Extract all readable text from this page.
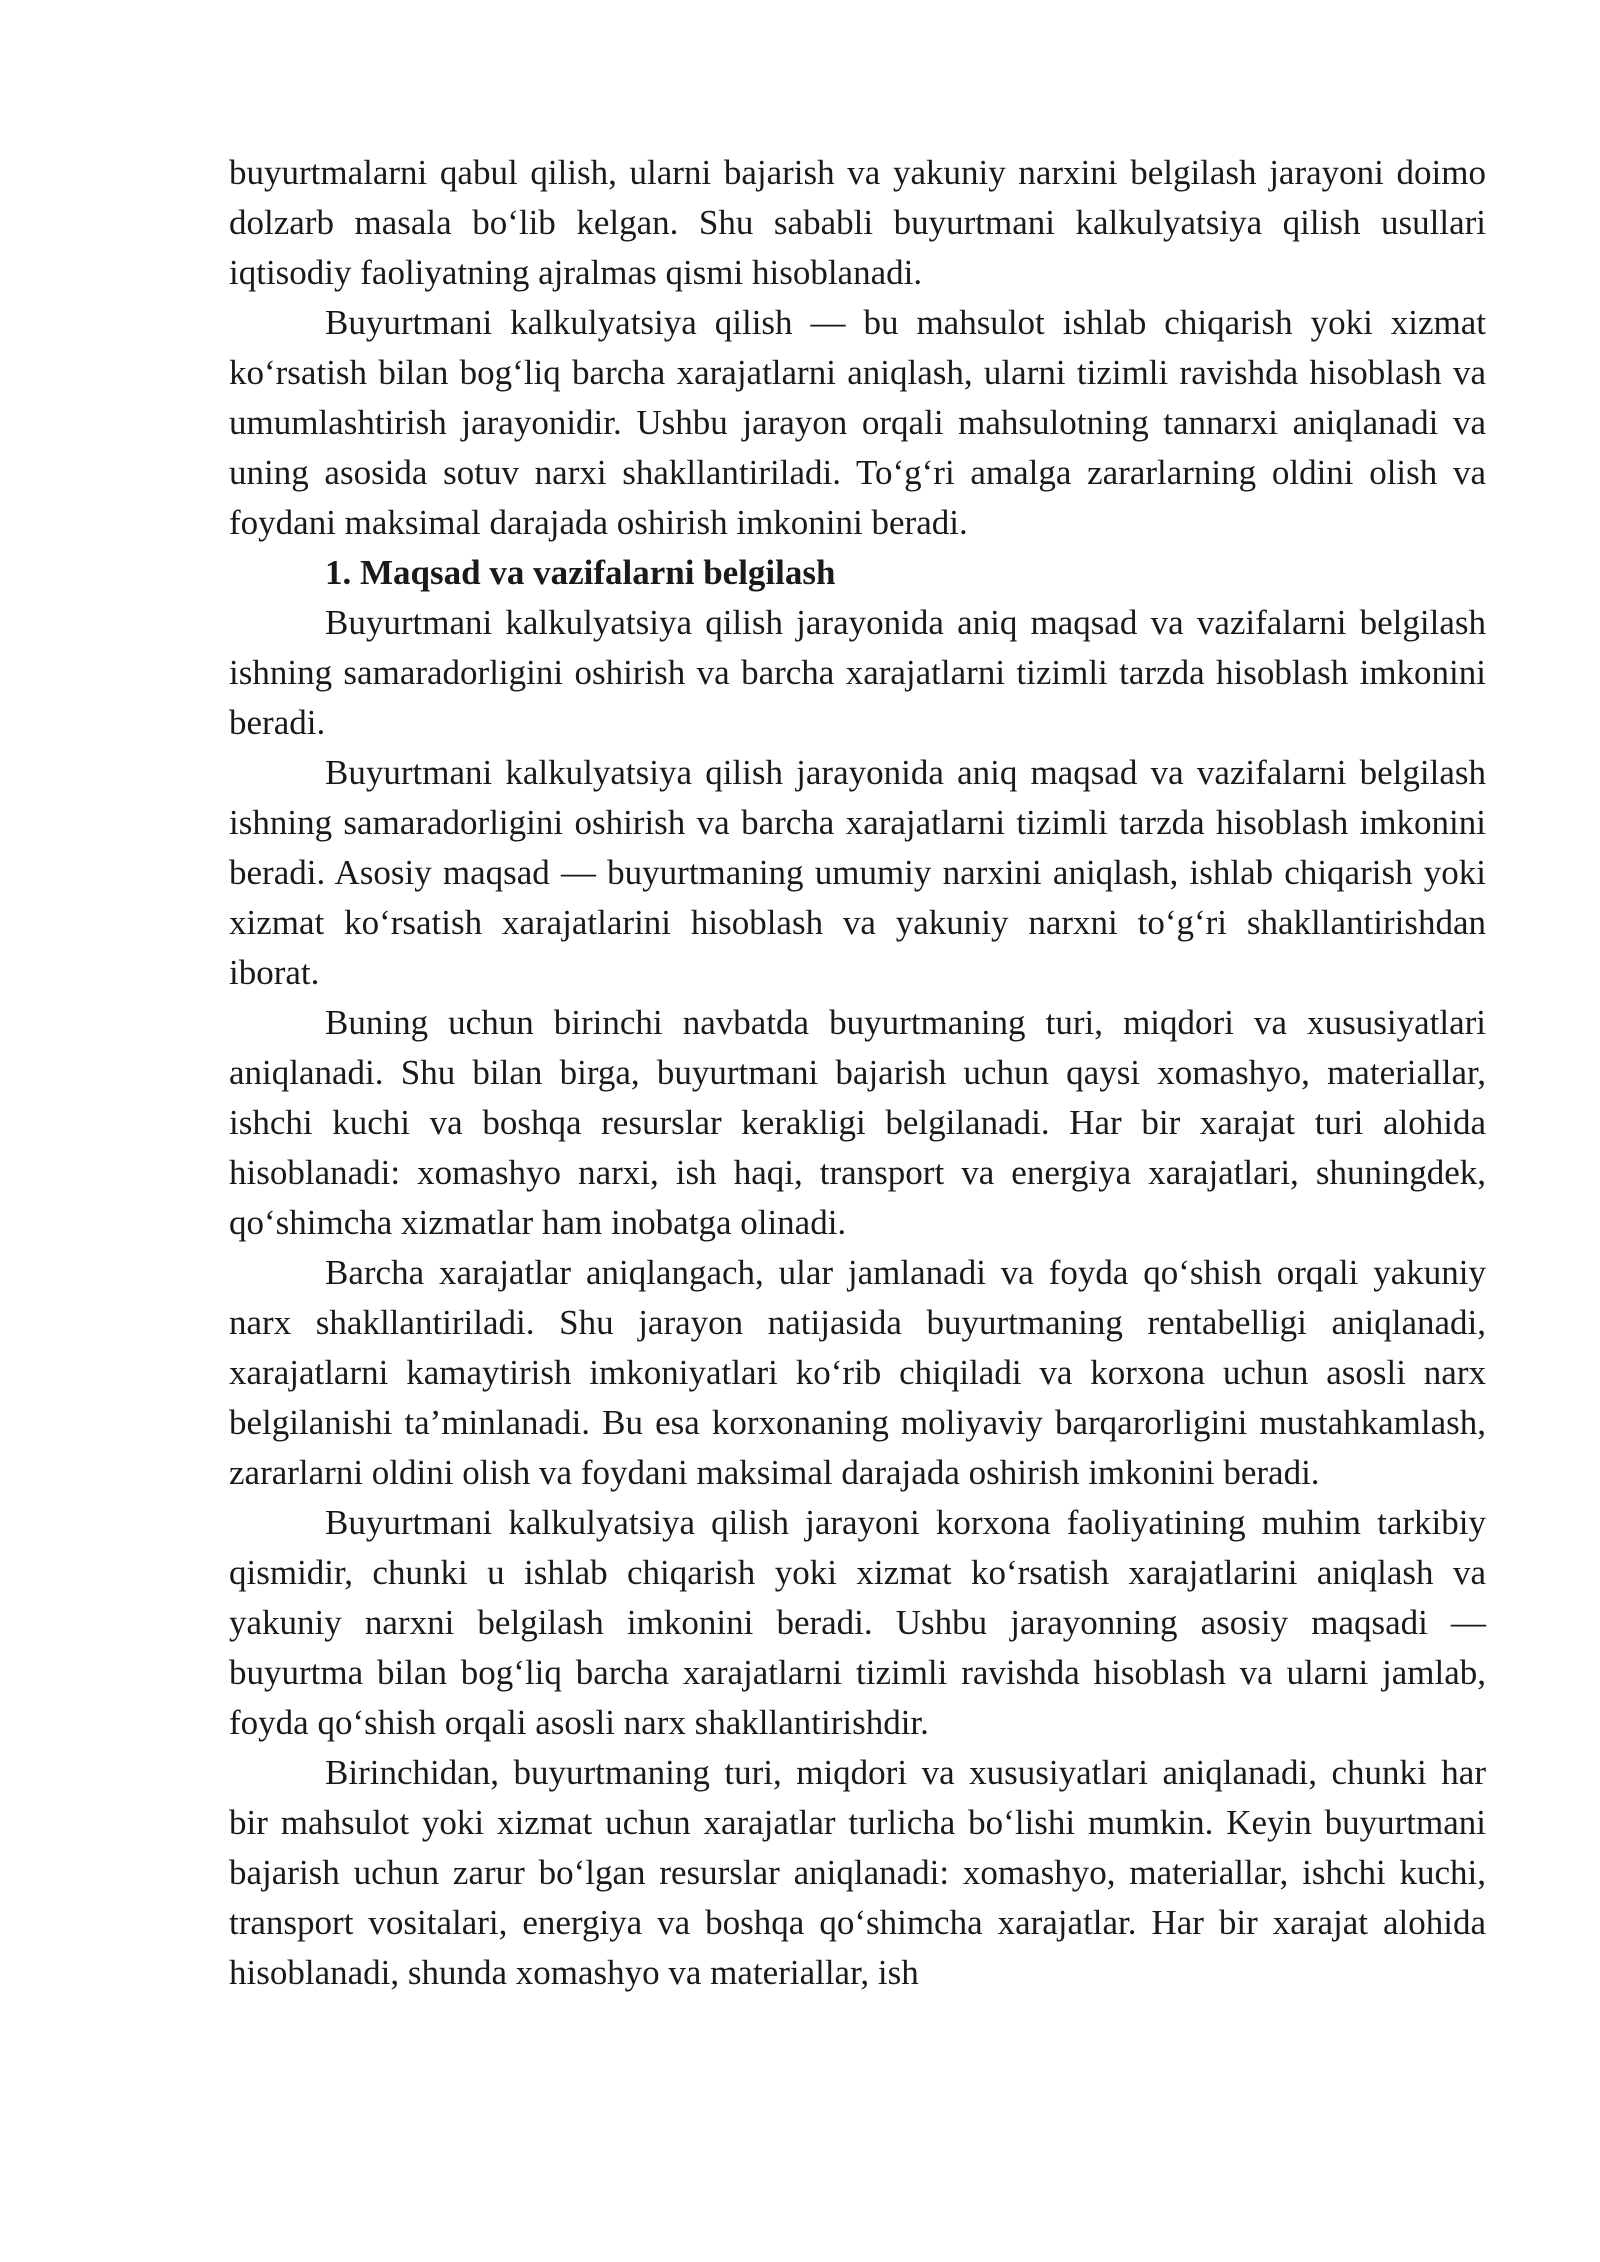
buyurtmalarni qabul qilish, ularni bajarish va yakuniy narxini belgilash jarayoni doimo dolzarb masala bo‘lib kelgan. Shu sababli buyurtmani kalkulyatsiya qilish usullari iqtisodiy faoliyatning ajralmas qismi hisoblanadi.

Buyurtmani kalkulyatsiya qilish — bu mahsulot ishlab chiqarish yoki xizmat ko‘rsatish bilan bog‘liq barcha xarajatlarni aniqlash, ularni tizimli ravishda hisoblash va umumlashtirish jarayonidir. Ushbu jarayon orqali mahsulotning tannarxi aniqlanadi va uning asosida sotuv narxi shakllantiriladi. To‘g‘ri amalga zararlarning oldini olish va foydani maksimal darajada oshirish imkonini beradi.

1. Maqsad va vazifalarni belgilash

Buyurtmani kalkulyatsiya qilish jarayonida aniq maqsad va vazifalarni belgilash ishning samaradorligini oshirish va barcha xarajatlarni tizimli tarzda hisoblash imkonini beradi.

Buyurtmani kalkulyatsiya qilish jarayonida aniq maqsad va vazifalarni belgilash ishning samaradorligini oshirish va barcha xarajatlarni tizimli tarzda hisoblash imkonini beradi. Asosiy maqsad — buyurtmaning umumiy narxini aniqlash, ishlab chiqarish yoki xizmat ko‘rsatish xarajatlarini hisoblash va yakuniy narxni to‘g‘ri shakllantirishdan iborat.

Buning uchun birinchi navbatda buyurtmaning turi, miqdori va xususiyatlari aniqlanadi. Shu bilan birga, buyurtmani bajarish uchun qaysi xomashyo, materiallar, ishchi kuchi va boshqa resurslar kerakligi belgilanadi. Har bir xarajat turi alohida hisoblanadi: xomashyo narxi, ish haqi, transport va energiya xarajatlari, shuningdek, qo‘shimcha xizmatlar ham inobatga olinadi.

Barcha xarajatlar aniqlangach, ular jamlanadi va foyda qo‘shish orqali yakuniy narx shakllantiriladi. Shu jarayon natijasida buyurtmaning rentabelligi aniqlanadi, xarajatlarni kamaytirish imkoniyatlari ko‘rib chiqiladi va korxona uchun asosli narx belgilanishi ta’minlanadi. Bu esa korxonaning moliyaviy barqarorligini mustahkamlash, zararlarni oldini olish va foydani maksimal darajada oshirish imkonini beradi.

Buyurtmani kalkulyatsiya qilish jarayoni korxona faoliyatining muhim tarkibiy qismidir, chunki u ishlab chiqarish yoki xizmat ko‘rsatish xarajatlarini aniqlash va yakuniy narxni belgilash imkonini beradi. Ushbu jarayonning asosiy maqsadi — buyurtma bilan bog‘liq barcha xarajatlarni tizimli ravishda hisoblash va ularni jamlab, foyda qo‘shish orqali asosli narx shakllantirishdir.

Birinchidan, buyurtmaning turi, miqdori va xususiyatlari aniqlanadi, chunki har bir mahsulot yoki xizmat uchun xarajatlar turlicha bo‘lishi mumkin. Keyin buyurtmani bajarish uchun zarur bo‘lgan resurslar aniqlanadi: xomashyo, materiallar, ishchi kuchi, transport vositalari, energiya va boshqa qo‘shimcha xarajatlar. Har bir xarajat alohida hisoblanadi, shunda xomashyo va materiallar, ish
